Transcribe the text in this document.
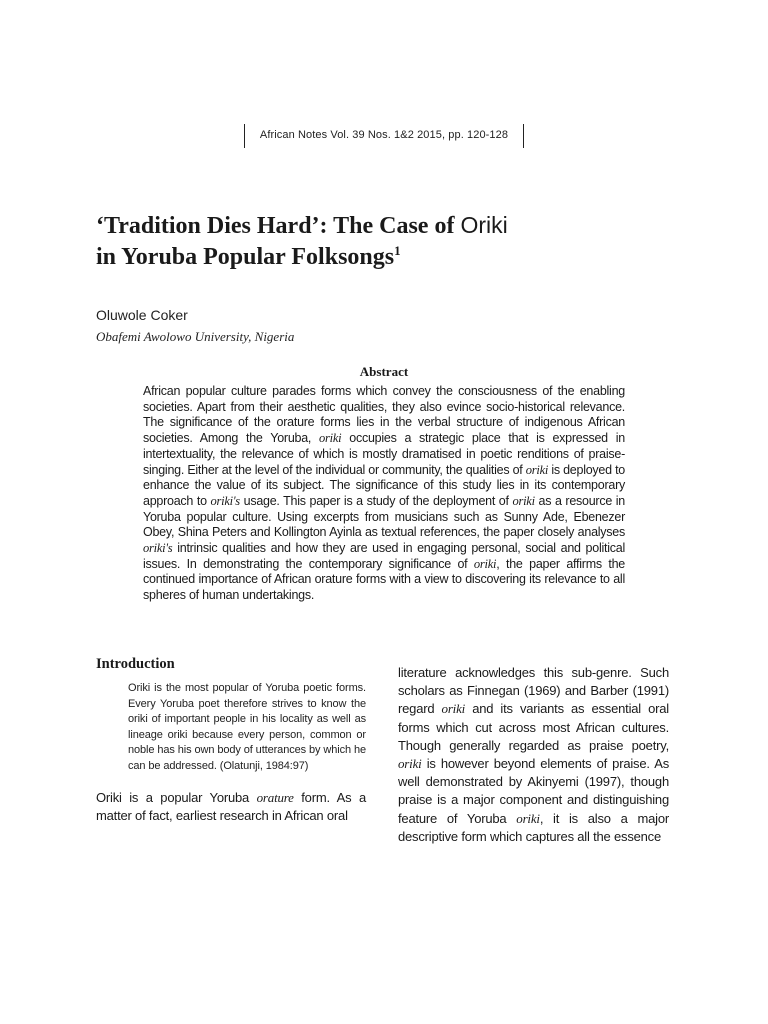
African Notes Vol. 39 Nos. 1&2 2015, pp. 120-128
‘Tradition Dies Hard’: The Case of Oriki
in Yoruba Popular Folksongs$^1$
Oluwole Coker
Obafemi Awolowo University, Nigeria
Abstract
African popular culture parades forms which convey the consciousness of the enabling societies. Apart from their aesthetic qualities, they also evince socio-historical relevance. The significance of the orature forms lies in the verbal structure of indigenous African societies. Among the Yoruba, oriki occupies a strategic place that is expressed in intertextuality, the relevance of which is mostly dramatised in poetic renditions of praise-singing. Either at the level of the individual or community, the qualities of oriki is deployed to enhance the value of its subject. The significance of this study lies in its contemporary approach to oriki's usage. This paper is a study of the deployment of oriki as a resource in Yoruba popular culture. Using excerpts from musicians such as Sunny Ade, Ebenezer Obey, Shina Peters and Kollington Ayinla as textual references, the paper closely analyses oriki's intrinsic qualities and how they are used in engaging personal, social and political issues. In demonstrating the contemporary significance of oriki, the paper affirms the continued importance of African orature forms with a view to discovering its relevance to all spheres of human undertakings.
Introduction
Oriki is the most popular of Yoruba poetic forms. Every Yoruba poet therefore strives to know the oriki of important people in his locality as well as lineage oriki because every person, common or noble has his own body of utterances by which he can be addressed. (Olatunji, 1984:97)
Oriki is a popular Yoruba orature form. As a matter of fact, earliest research in African oral
literature acknowledges this sub-genre. Such scholars as Finnegan (1969) and Barber (1991) regard oriki and its variants as essential oral forms which cut across most African cultures. Though generally regarded as praise poetry, oriki is however beyond elements of praise. As well demonstrated by Akinyemi (1997), though praise is a major component and distinguishing feature of Yoruba oriki, it is also a major descriptive form which captures all the essence
